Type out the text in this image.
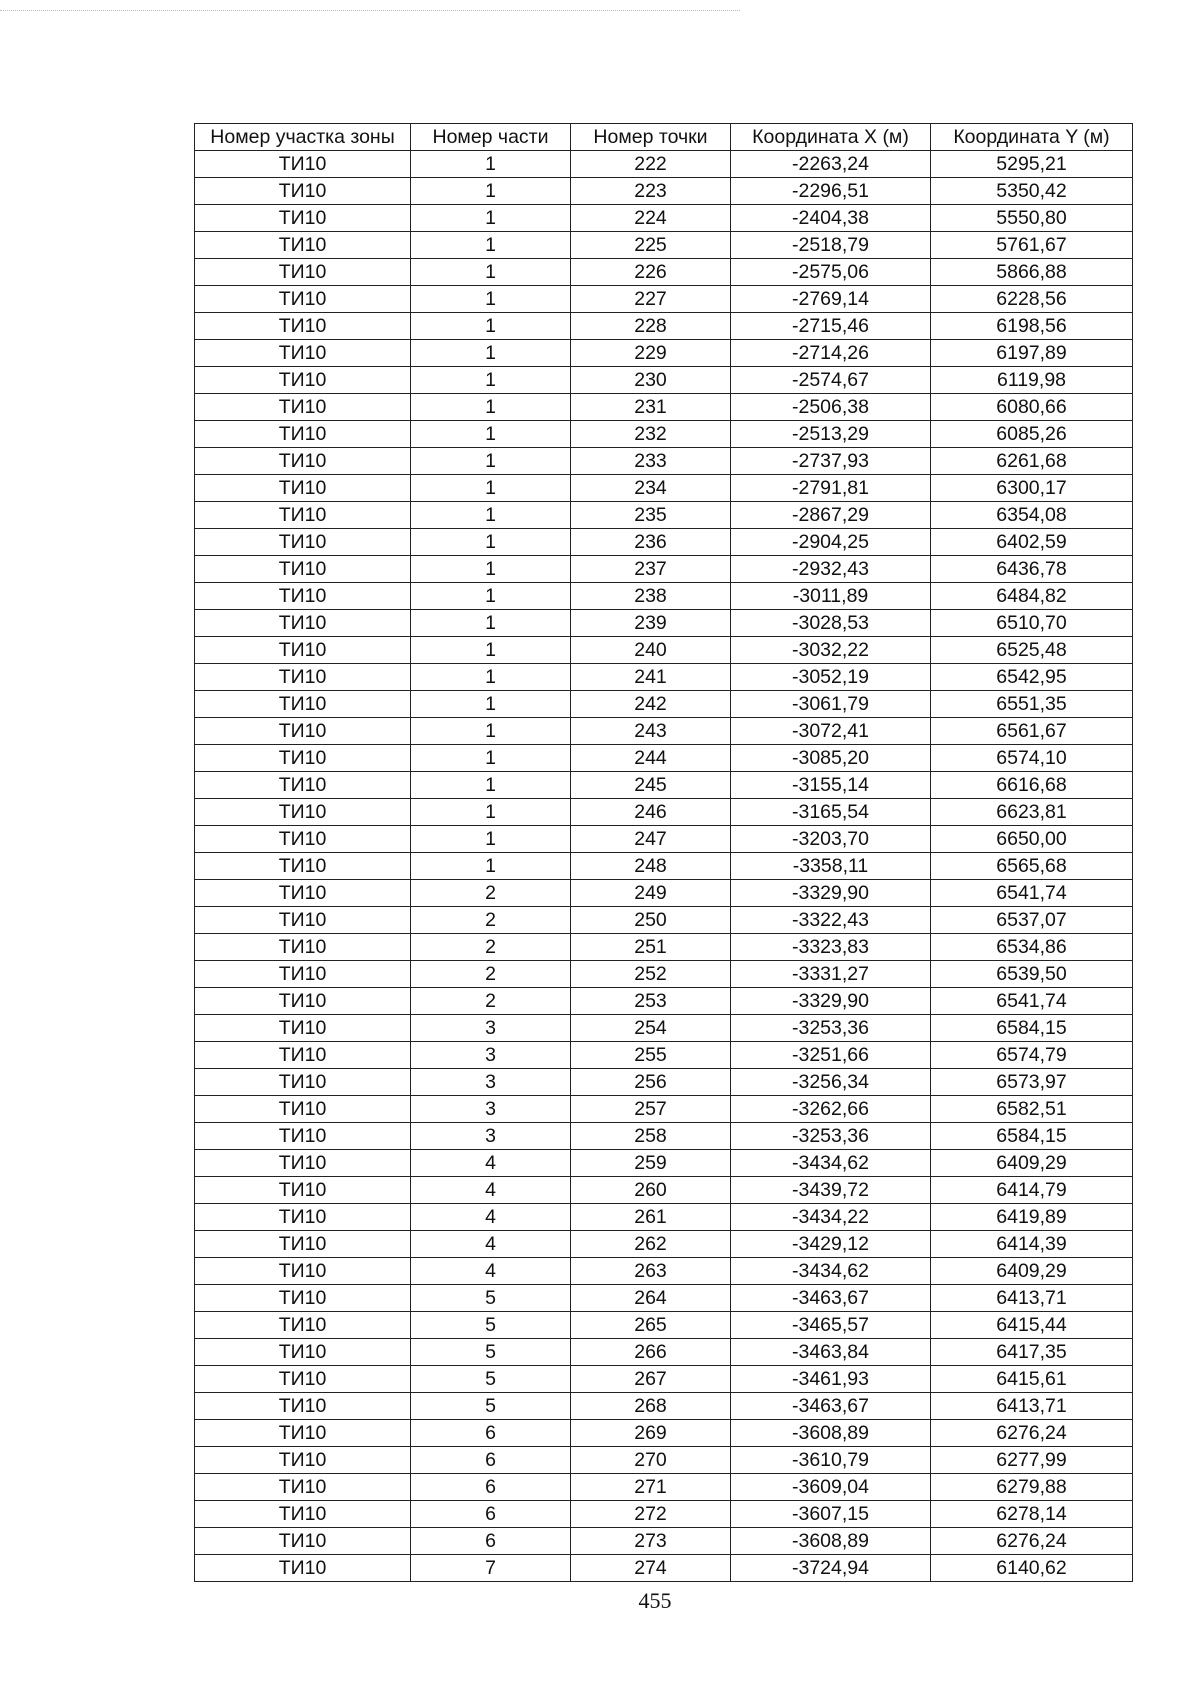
Номер участка зоны	Номер части	Номер точки	Координата X (м)	Координата Y (м)
ТИ10	1	222	-2263,24	5295,21
ТИ10	1	223	-2296,51	5350,42
ТИ10	1	224	-2404,38	5550,80
ТИ10	1	225	-2518,79	5761,67
ТИ10	1	226	-2575,06	5866,88
ТИ10	1	227	-2769,14	6228,56
ТИ10	1	228	-2715,46	6198,56
ТИ10	1	229	-2714,26	6197,89
ТИ10	1	230	-2574,67	6119,98
ТИ10	1	231	-2506,38	6080,66
ТИ10	1	232	-2513,29	6085,26
ТИ10	1	233	-2737,93	6261,68
ТИ10	1	234	-2791,81	6300,17
ТИ10	1	235	-2867,29	6354,08
ТИ10	1	236	-2904,25	6402,59
ТИ10	1	237	-2932,43	6436,78
ТИ10	1	238	-3011,89	6484,82
ТИ10	1	239	-3028,53	6510,70
ТИ10	1	240	-3032,22	6525,48
ТИ10	1	241	-3052,19	6542,95
ТИ10	1	242	-3061,79	6551,35
ТИ10	1	243	-3072,41	6561,67
ТИ10	1	244	-3085,20	6574,10
ТИ10	1	245	-3155,14	6616,68
ТИ10	1	246	-3165,54	6623,81
ТИ10	1	247	-3203,70	6650,00
ТИ10	1	248	-3358,11	6565,68
ТИ10	2	249	-3329,90	6541,74
ТИ10	2	250	-3322,43	6537,07
ТИ10	2	251	-3323,83	6534,86
ТИ10	2	252	-3331,27	6539,50
ТИ10	2	253	-3329,90	6541,74
ТИ10	3	254	-3253,36	6584,15
ТИ10	3	255	-3251,66	6574,79
ТИ10	3	256	-3256,34	6573,97
ТИ10	3	257	-3262,66	6582,51
ТИ10	3	258	-3253,36	6584,15
ТИ10	4	259	-3434,62	6409,29
ТИ10	4	260	-3439,72	6414,79
ТИ10	4	261	-3434,22	6419,89
ТИ10	4	262	-3429,12	6414,39
ТИ10	4	263	-3434,62	6409,29
ТИ10	5	264	-3463,67	6413,71
ТИ10	5	265	-3465,57	6415,44
ТИ10	5	266	-3463,84	6417,35
ТИ10	5	267	-3461,93	6415,61
ТИ10	5	268	-3463,67	6413,71
ТИ10	6	269	-3608,89	6276,24
ТИ10	6	270	-3610,79	6277,99
ТИ10	6	271	-3609,04	6279,88
ТИ10	6	272	-3607,15	6278,14
ТИ10	6	273	-3608,89	6276,24
ТИ10	7	274	-3724,94	6140,62
455
